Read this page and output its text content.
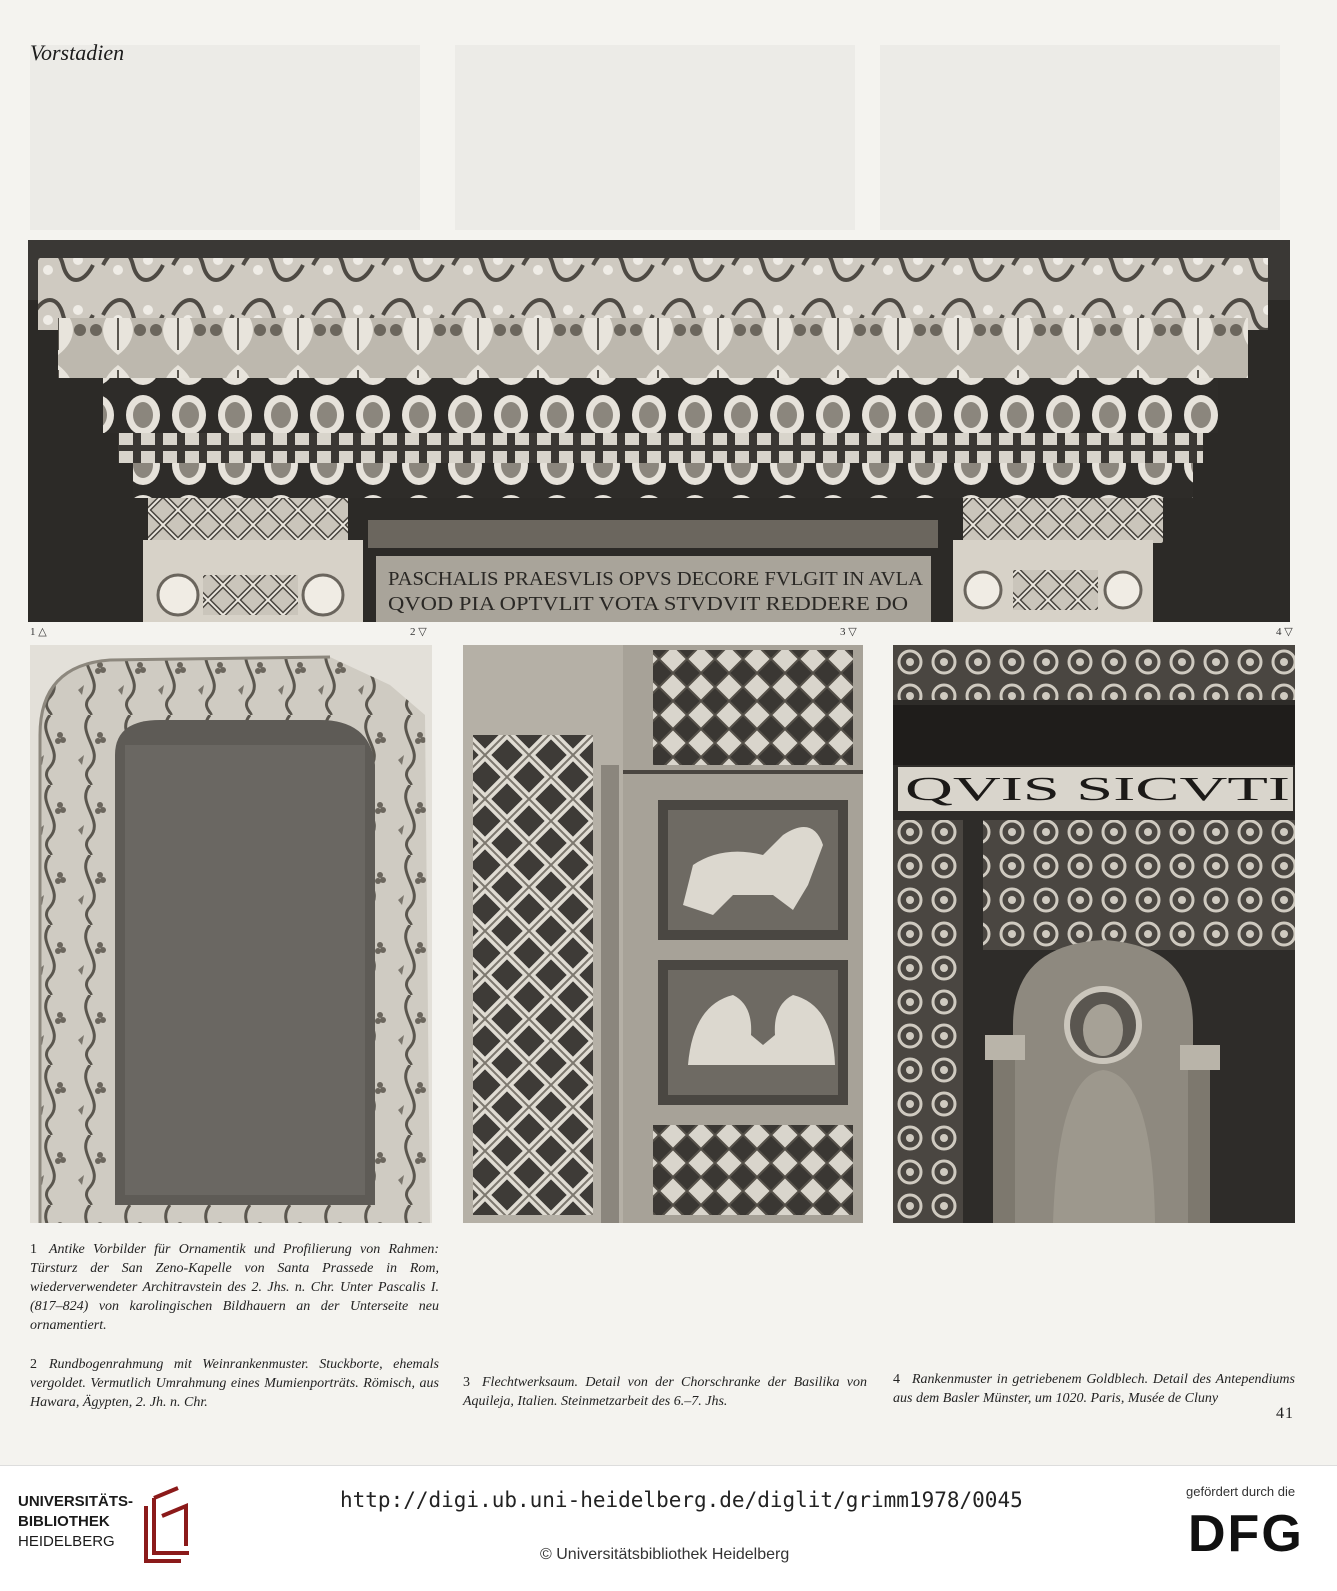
Vorstadien
PASCHALIS PRAESVLIS OPVS DECORE FVLGIT IN AVLA
QVOD PIA OPTVLIT VOTA STVDVIT REDDERE DO
1 △	2 ▽	3 ▽	4 ▽
QVIS SICVTI
1 Antike Vorbilder für Ornamentik und Profilierung von Rahmen: Türsturz der San Zeno-Kapelle von Santa Prassede in Rom, wiederverwendeter Architravstein des 2. Jhs. n. Chr. Unter Pascalis I. (817–824) von karolingischen Bildhauern an der Unterseite neu ornamentiert.
2 Rundbogenrahmung mit Weinrankenmuster. Stuckborte, ehemals vergoldet. Vermutlich Umrahmung eines Mumienporträts. Römisch, aus Hawara, Ägypten, 2. Jh. n. Chr.
3 Flechtwerksaum. Detail von der Chorschranke der Basilika von Aquileja, Italien. Steinmetzarbeit des 6.–7. Jhs.
4 Rankenmuster in getriebenem Goldblech. Detail des Antependiums aus dem Basler Münster, um 1020. Paris, Musée de Cluny
41
UNIVERSITÄTS-
BIBLIOTHEK
HEIDELBERG
http://digi.ub.uni-heidelberg.de/diglit/grimm1978/0045
© Universitätsbibliothek Heidelberg
gefördert durch die
DFG
